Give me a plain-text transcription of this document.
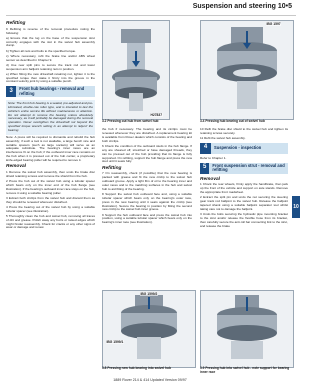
Suspension and steering 10•5
Refitting

9 Refitting is reverse of the removal procedure noting the following:

a) Ensure that the lug on the base of the suspension strut correctly engages with the slot in the swivel hub assembly clamp.

b) Tighten all nuts and bolts to the specified torque.

c) Where necessary, refit the brake line and/or ABS wheel sensor as described in Chapter 9.

d) Use new split pins to secure the track rod and lower suspension arm balljoint retaining nuts in position.

e) When fitting the new driveshaft retaining nut, tighten it to the specified torque then stake it firmly into the groove in the constant velocity joint by using a suitable punch.

3	Front hub bearings - removal and refitting

Note: The front hub bearing is a sealed, pre-adjusted and pre-lubricated, double-row roller type, and is intended to last the vehicle's entire service life without maintenance or attention. Do not attempt to remove the bearing unless absolutely necessary, as it will probably be damaged during the removal operation. Never overtighten the driveshaft nut beyond the specified torque wrench setting in an attempt to 'adjust' the bearing.

Note: A press will be required to dismantle and rebuild the hub assembly; if such a tool is not available, a large bench vice and suitable spacers (such as large sockets) will serve as an adequate substitute. The bearing's inner races are an interference fit on the hub; if the outboard inner race remains on the hub when it is pressed out of the hub carrier, a proprietary knife-edged bearing puller will be required to remove it.

Removal

1 Remove the swivel hub assembly, then undo the brake disc shield retaining screws and remove the shield from the hub.

2 Press the hub out of the swivel hub using a tubular spacer which bears only on the inner end of the hub flange (see illustration). If the bearing's outboard inner race stays on the hub, remove it using a suitable bearing puller.

3 Extract both circlips from the swivel hub and discard them as they should be renewed whenever disturbed.

4 Press the bearing out of the swivel hub by using a suitable tubular spacer (see illustration).

5 Thoroughly clean the hub and swivel hub, removing all traces of dirt and grease. Polish away any burrs or raised edges which might hinder reassembly. Check for cracks or any other signs of wear or damage and renew

H27837
3.2 Pressing out hub from swivel hub
IBG 1597
3.4 Pressing hub bearing out of swivel hub

the hub if necessary. The bearing and its circlips must be renewed whenever they are disturbed. A replacement bearing kit is available from Rover dealers which consists of the bearing and both circlips.

6 Check the condition of the outboard studs in the hub flange. If any are sheared off, stretched or have damaged threads, they can be pressed out of the hub providing that its flange is fully supported. On refitting, support the hub flange and press the new stud until it seats fully.

Refitting

7 On reassembly, check (if possible) that the new bearing is packed with grease and fit the new circlip to the swivel hub outboard groove. Apply a light film of oil to the bearing inner and outer races and to the matching surfaces in the hub and swivel hub to aid fitting of the bearing.

8 Support the swivel hub outboard face and, using a suitable tubular spacer which bears only on the bearing's outer race, press in the new bearing until it seats against the circlip (see illustration). Secure the bearing in position by fitting the second new circlip to the swivel hub inner groove.

9 Support the hub outboard face and press the swivel hub into position, using a suitable tubular spacer which bears only on the bearing's inner race (see illustration).

10 Refit the brake disc shield to the swivel hub and tighten its retaining screws securely.

11 Refit the swivel hub assembly.

4	Suspension - inspection

Refer to Chapter 1.

5	Front suspension strut - removal and refitting
Removal

1 Chock the rear wheels, firmly apply the handbrake, then jack up the front of the vehicle and support on axle stands. Remove the appropriate front roadwheel.

2 Extract the split pin and undo the nut securing the steering gear track rod balljoint to the swivel hub. Release the balljoint tapered shank using a suitable balljoint separator tool whilst taking care not to damage the balljoint.

3 Undo the bolts securing the hydraulic pipe mounting bracket to the strut and/or release the flexible hose from its bracket, then carefully secure the anti-roll bar connecting link to the strut, and release the brake

IBG 1599/2
IBG 1599/1
3.8 Pressing new hub bearing into swivel hub	3.9 Pressing hub into swivel hub - note support for bearing inner race
10
1889 Rover 214 & 414 Updated Version 09/97
